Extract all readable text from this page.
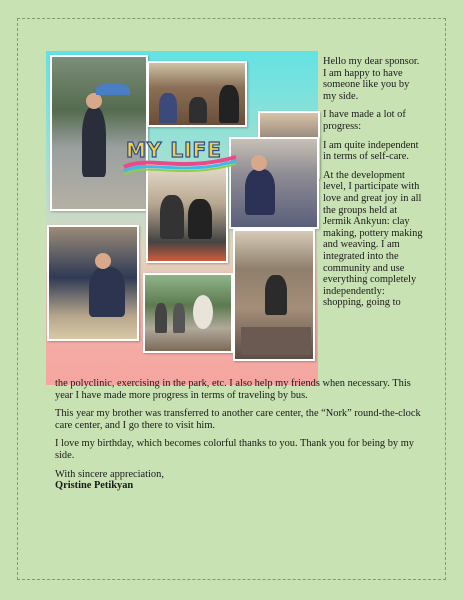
MY LIFE

Hello my dear sponsor. I am happy to have someone like you by my side.

I have made a lot of progress:

I am quite independent in terms of self-care.

At the development level, I participate with love and great joy in all the groups held at Jermik Ankyun: clay making, pottery making and weaving. I am integrated into the community and use everything completely independently: shopping, going to

the polyclinic, exercising in the park, etc. I also help my friends when necessary. This year I have made more progress in terms of traveling by bus.

This year my brother was transferred to another care center, the “Nork” round-the-clock care center, and I go there to visit him.

I love my birthday, which becomes colorful thanks to you. Thank you for being by my side.

With sincere appreciation,
Qristine Petikyan
